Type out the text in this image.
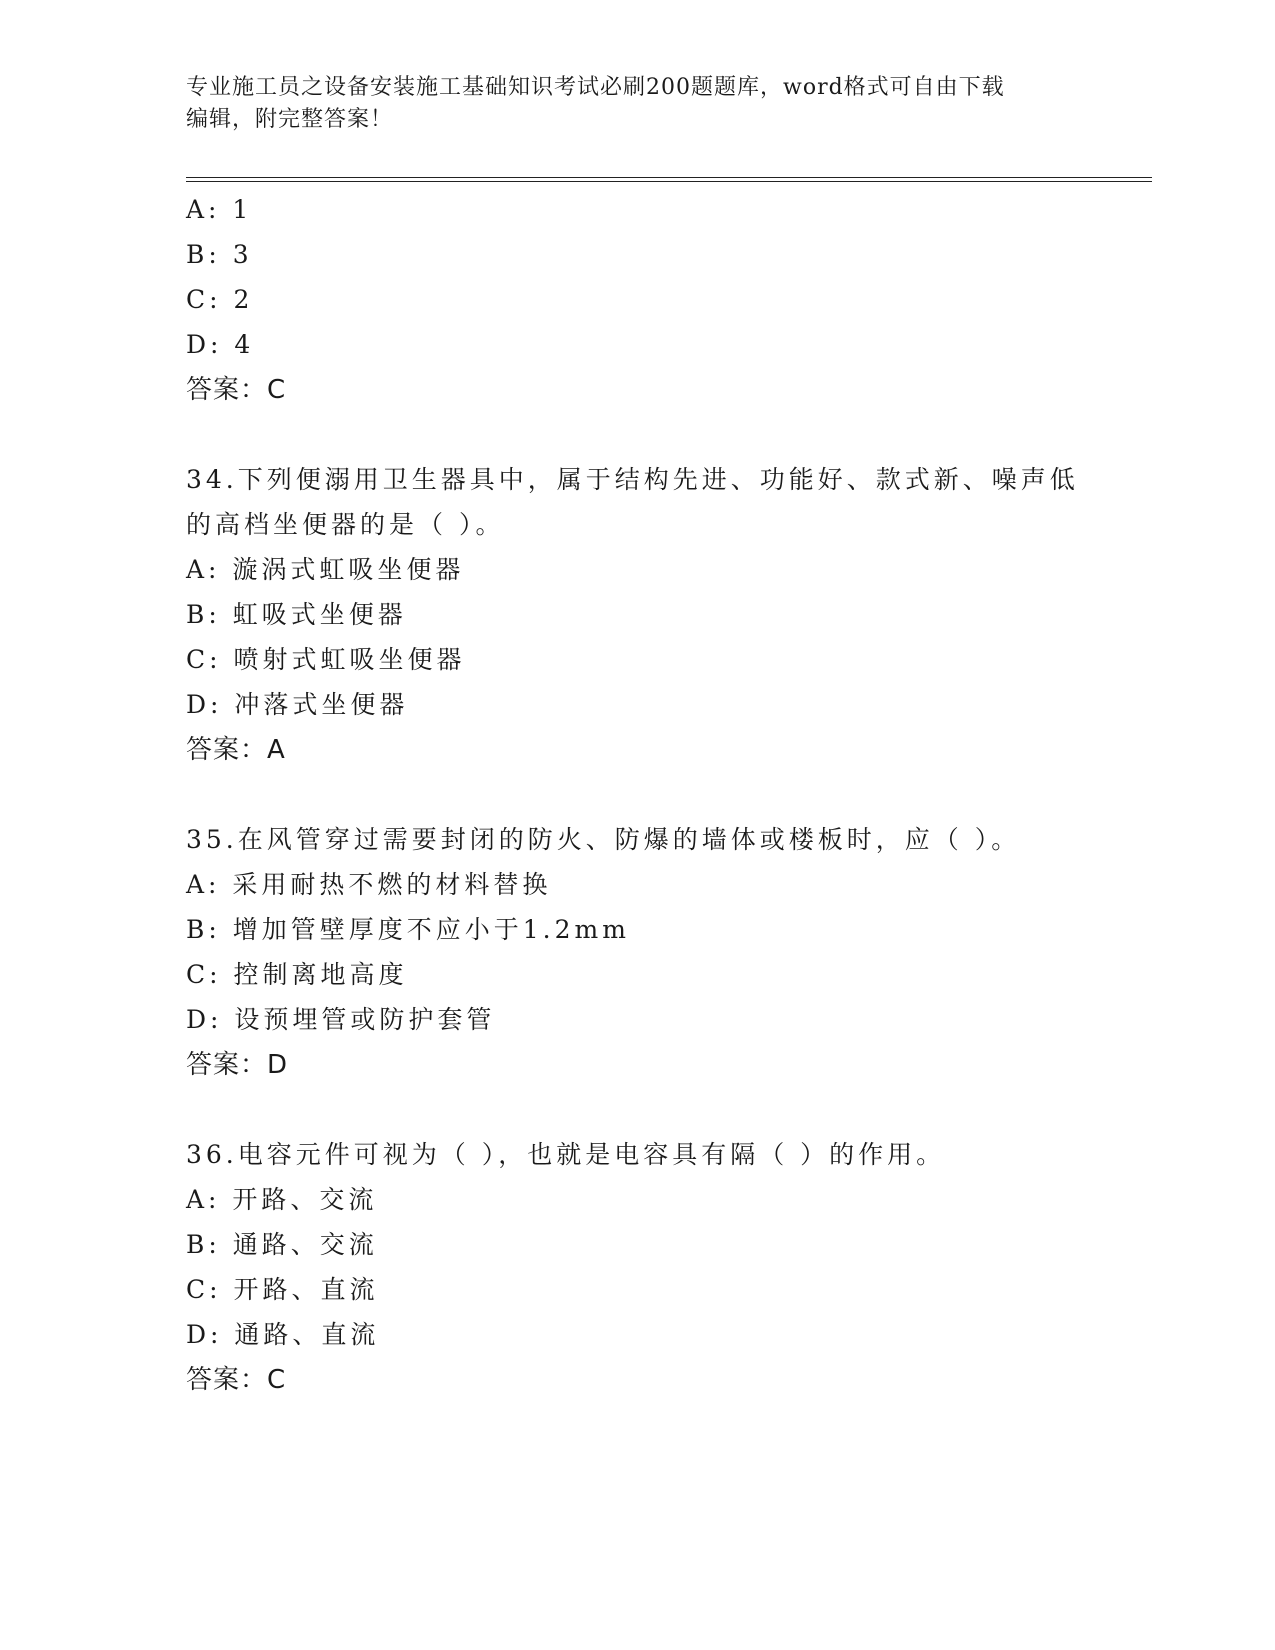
专业施工员之设备安装施工基础知识考试必刷200题题库，word格式可自由下载
编辑，附完整答案！
A: 1
B: 3
C: 2
D: 4
答案：C
34.下列便溺用卫生器具中，属于结构先进、功能好、款式新、噪声低
的高档坐便器的是（ ）。
A: 漩涡式虹吸坐便器
B: 虹吸式坐便器
C: 喷射式虹吸坐便器
D: 冲落式坐便器
答案：A
35.在风管穿过需要封闭的防火、防爆的墙体或楼板时，应（ ）。
A: 采用耐热不燃的材料替换
B: 增加管壁厚度不应小于1.2mm
C: 控制离地高度
D: 设预埋管或防护套管
答案：D
36.电容元件可视为（ ），也就是电容具有隔（ ）的作用。
A: 开路、交流
B: 通路、交流
C: 开路、直流
D: 通路、直流
答案：C
